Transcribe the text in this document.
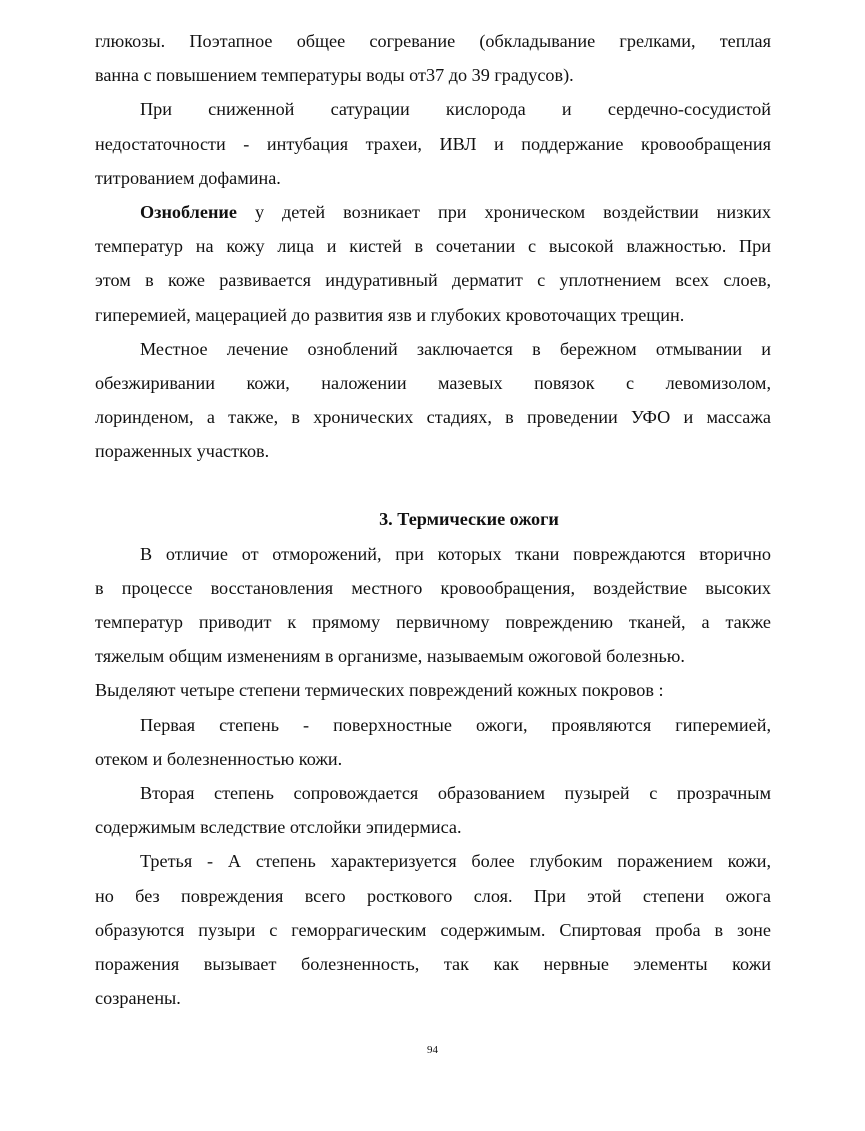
глюкозы. Поэтапное общее согревание (обкладывание грелками, теплая
ванна с повышением температуры воды от37 до 39 градусов).
При сниженной сатурации кислорода и сердечно-сосудистой
недостаточности - интубация трахеи, ИВЛ и поддержание кровообращения
титрованием дофамина.
Ознобление у детей возникает при хроническом воздействии низких
температур на кожу лица и кистей в сочетании с высокой влажностью. При
этом в коже развивается индуративный дерматит с уплотнением всех слоев,
гиперемией, мацерацией до развития язв и глубоких кровоточащих трещин.
Местное лечение ознoблений заключается в бережном отмывании и
обезжиривании кожи, наложении мазевых повязок с левомизолом,
лоринденом, а также, в хронических стадиях, в проведении УФО и массажа
пораженных участков.
3. Термические ожоги
В отличие от отморожений, при которых ткани повреждаются вторично
в процессе восстановления местного кровообращения, воздействие высоких
температур приводит к прямому первичному повреждению тканей, а также
тяжелым общим изменениям в организме, называемым ожоговой болезнью.
Выделяют четыре степени термических повреждений кожных покровов :
Первая степень - поверхностные ожоги, проявляются гиперемией,
отеком и болезненностью кожи.
Вторая степень сопровождается образованием пузырей с прозрачным
содержимым вследствие отслойки эпидермиса.
Третья - А степень характеризуется более глубоким поражением кожи,
но без повреждения всего росткового слоя. При этой степени ожога
образуются пузыри с геморрагическим содержимым. Спиртовая проба в зоне
поражения вызывает болезненность, так как нервные элементы кожи
созранены.
94
